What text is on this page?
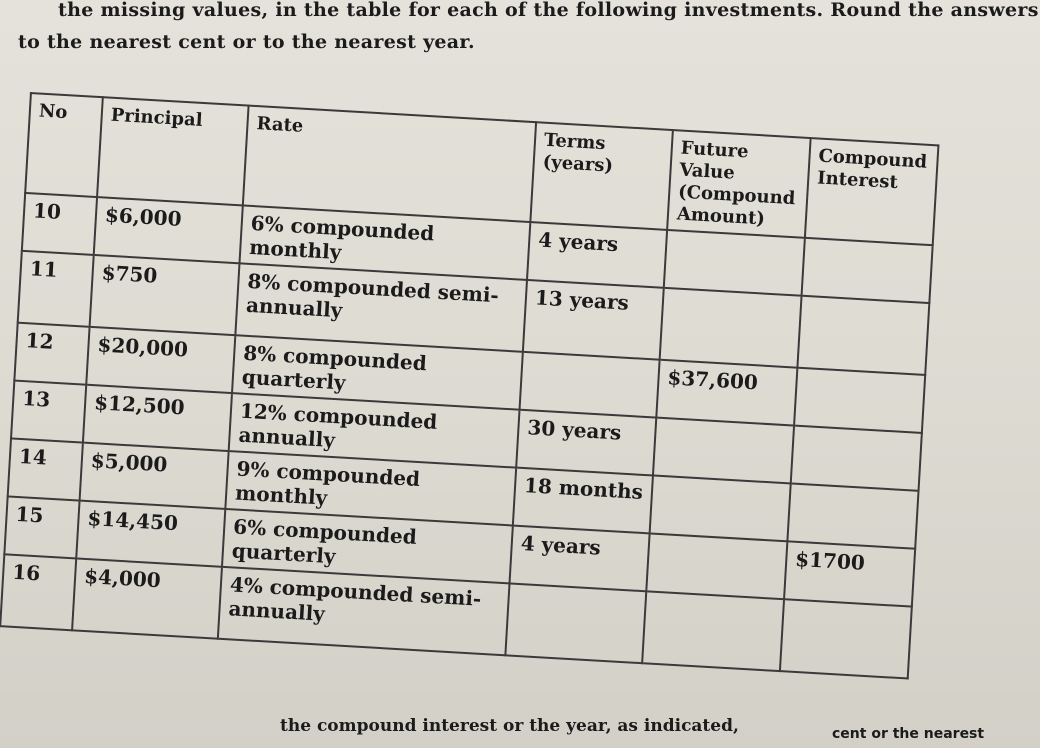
the missing values, in the table for each of the following investments. Round the answers
to the nearest cent or to the nearest year.
No	Principal	Rate	Terms (years)	Future Value (Compound Amount)	Compound Interest
10	$6,000	6% compounded monthly	4 years		
11	$750	8% compounded semi-annually	13 years		
12	$20,000	8% compounded quarterly		$37,600	
13	$12,500	12% compounded annually	30 years		
14	$5,000	9% compounded monthly	18 months		
15	$14,450	6% compounded quarterly	4 years		$1700
16	$4,000	4% compounded semi-annually			
the compound interest or the year, as indicated,	cent or the nearest
